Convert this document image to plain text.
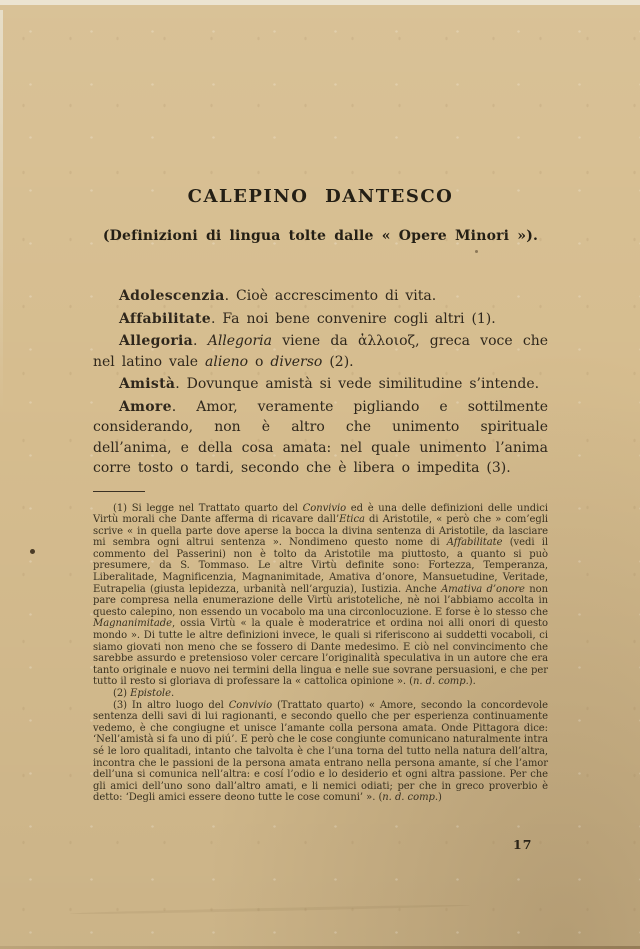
CALEPINO DANTESCO
(Definizioni di lingua tolte dalle « Opere Minori »).

Adolescenzia. Cioè accrescimento di vita.

Affabilitate. Fa noi bene convenire cogli altri (1).

Allegoria. Allegoria viene da ἀλλοιοζ, greca voce che nel latino vale alieno o diverso (2).

Amistà. Dovunque amistà si vede similitudine s’intende.

Amore. Amor, veramente pigliando e sottilmente considerando, non è altro che unimento spirituale dell’anima, e della cosa amata: nel quale unimento l’anima corre tosto o tardi, secondo che è libera o impedita (3).

(1) Si legge nel Trattato quarto del Convivio ed è una delle definizioni delle undici Virtù morali che Dante afferma di ricavare dall’Etica di Aristotile, « però che » com’egli scrive « in quella parte dove aperse la bocca la divina sentenza di Aristotile, da lasciare mi sembra ogni altrui sentenza ». Nondimeno questo nome di Affabilitate (vedi il commento del Passerini) non è tolto da Aristotile ma piuttosto, a quanto si può presumere, da S. Tommaso. Le altre Virtù definite sono: Fortezza, Temperanza, Liberalitade, Magnificenzia, Magnanimitade, Amativa d’onore, Mansuetudine, Veritade, Eutrapelia (giusta lepidezza, urbanità nell’arguzia), Iustizia. Anche Amativa d’onore non pare compresa nella enumerazione delle Virtù aristoteliche, nè noi l’abbiamo accolta in questo calepino, non essendo un vocabolo ma una circonlocuzione. E forse è lo stesso che Magnanimitade, ossia Virtù « la quale è moderatrice et ordina noi alli onori di questo mondo ». Di tutte le altre definizioni invece, le quali si riferiscono ai suddetti vocaboli, ci siamo giovati non meno che se fossero di Dante medesimo. E ciò nel convincimento che sarebbe assurdo e pretensioso voler cercare l’originalità speculativa in un autore che era tanto originale e nuovo nei termini della lingua e nelle sue sovrane persuasioni, e che per tutto il resto si gloriava di professare la « cattolica opinione ». (n. d. comp.).

(2) Epistole.

(3) In altro luogo del Convivio (Trattato quarto) « Amore, secondo la concordevole sentenza delli savi di lui ragionanti, e secondo quello che per esperienza continuamente vedemo, è che congiugne et unisce l’amante colla persona amata. Onde Pittagora dice: ‘Nell’amistà si fa uno di piú’. E però che le cose congiunte comunicano naturalmente intra sé le loro qualitadi, intanto che talvolta è che l’una torna del tutto nella natura dell’altra, incontra che le passioni de la persona amata entrano nella persona amante, sí che l’amor dell’una si comunica nell’altra: e cosí l’odio e lo desiderio et ogni altra passione. Per che gli amici dell’uno sono dall’altro amati, e li nemici odiati; per che in greco proverbio è detto: ‘Degli amici essere deono tutte le cose comuni’ ». (n. d. comp.)

17
